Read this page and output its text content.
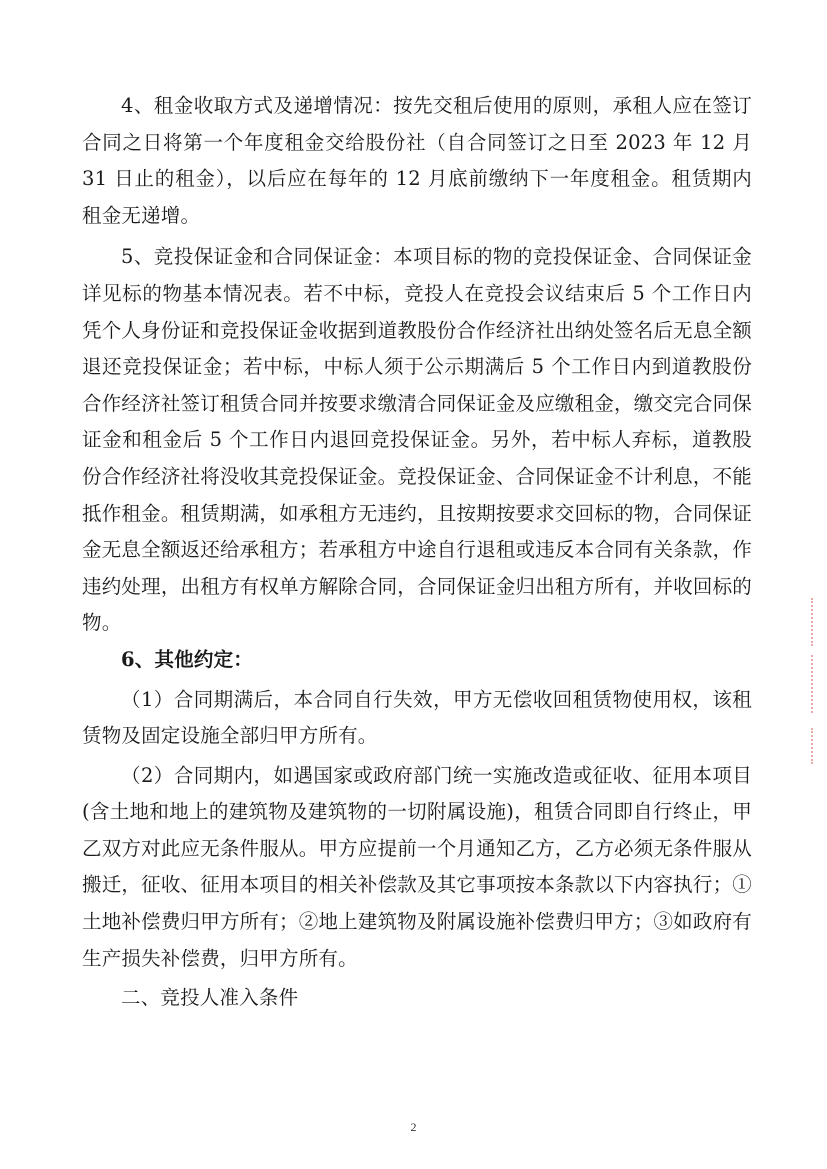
4、租金收取方式及递增情况：按先交租后使用的原则，承租人应在签订合同之日将第一个年度租金交给股份社（自合同签订之日至 2023 年 12 月 31 日止的租金），以后应在每年的 12 月底前缴纳下一年度租金。租赁期内租金无递增。

5、竞投保证金和合同保证金：本项目标的物的竞投保证金、合同保证金详见标的物基本情况表。若不中标，竞投人在竞投会议结束后 5 个工作日内凭个人身份证和竞投保证金收据到道教股份合作经济社出纳处签名后无息全额退还竞投保证金；若中标，中标人须于公示期满后 5 个工作日内到道教股份合作经济社签订租赁合同并按要求缴清合同保证金及应缴租金，缴交完合同保证金和租金后 5 个工作日内退回竞投保证金。另外，若中标人弃标，道教股份合作经济社将没收其竞投保证金。竞投保证金、合同保证金不计利息，不能抵作租金。租赁期满，如承租方无违约，且按期按要求交回标的物，合同保证金无息全额返还给承租方；若承租方中途自行退租或违反本合同有关条款，作违约处理，出租方有权单方解除合同，合同保证金归出租方所有，并收回标的物。

6、其他约定：

（1）合同期满后，本合同自行失效，甲方无偿收回租赁物使用权，该租赁物及固定设施全部归甲方所有。

（2）合同期内，如遇国家或政府部门统一实施改造或征收、征用本项目(含土地和地上的建筑物及建筑物的一切附属设施)，租赁合同即自行终止，甲乙双方对此应无条件服从。甲方应提前一个月通知乙方，乙方必须无条件服从搬迁，征收、征用本项目的相关补偿款及其它事项按本条款以下内容执行；①土地补偿费归甲方所有；②地上建筑物及附属设施补偿费归甲方；③如政府有生产损失补偿费，归甲方所有。

二、竞投人准入条件

2
